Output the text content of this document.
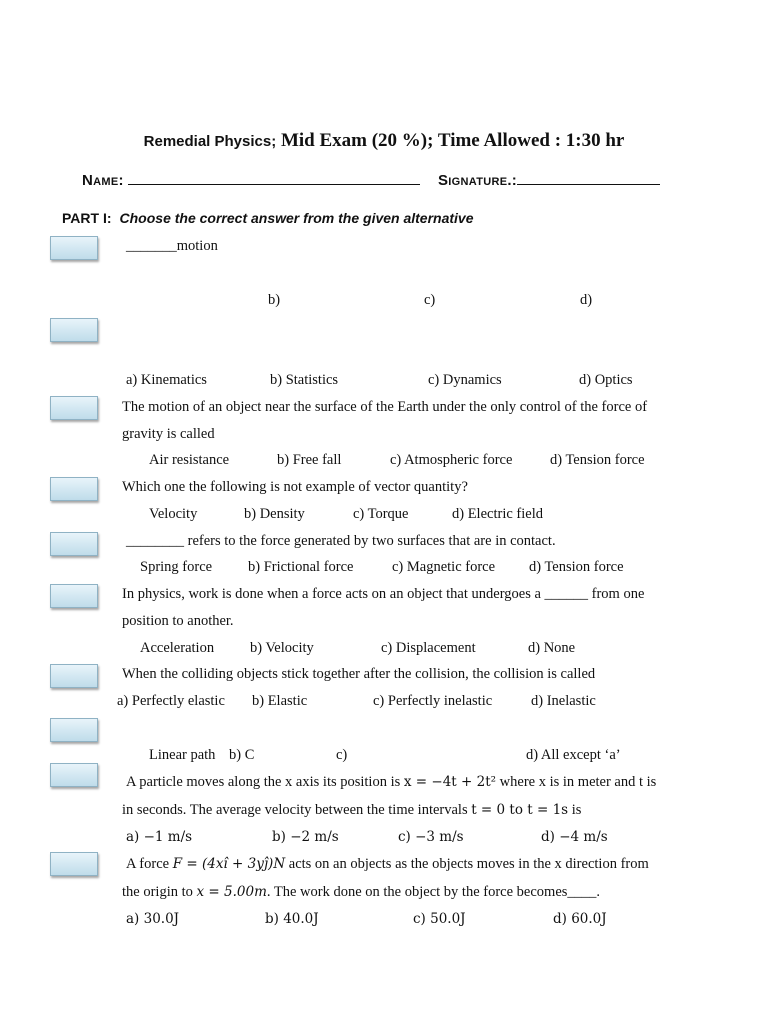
Remedial Physics; Mid Exam (20 %); Time Allowed : 1:30 hr
Name:	Signature.:
PART I: Choose the correct answer from the given alternative
_______motion
b)	c)	d)
a) Kinematics	b) Statistics	c) Dynamics	d) Optics
The motion of an object near the surface of the Earth under the only control of the force of
gravity is called
Air resistance	b) Free fall	c) Atmospheric force	d) Tension force
Which one the following is not example of vector quantity?
Velocity	b) Density	c) Torque	d) Electric field
________ refers to the force generated by two surfaces that are in contact.
Spring force b) Frictional force	c) Magnetic force d) Tension force
In physics, work is done when a force acts on an object that undergoes a ______ from one
position to another.
Acceleration b) Velocity	c) Displacement	d) None
When the colliding objects stick together after the collision, the collision is called
a) Perfectly elastic b) Elastic	c) Perfectly inelastic	d) Inelastic
Linear path b) C	c)	d) All except ‘a’
A particle moves along the x axis its position is x = −4t + 2t² where x is in meter and t is
in seconds. The average velocity between the time intervals t = 0 to t = 1s is
a) −1 m/s	b) −2 m/s	c) −3 m/s	d) −4 m/s
A force F = (4xî + 3yĵ)N acts on an objects as the objects moves in the x direction from
the origin to x = 5.00m. The work done on the object by the force becomes____.
a) 30.0J	b) 40.0J	c) 50.0J	d) 60.0J
